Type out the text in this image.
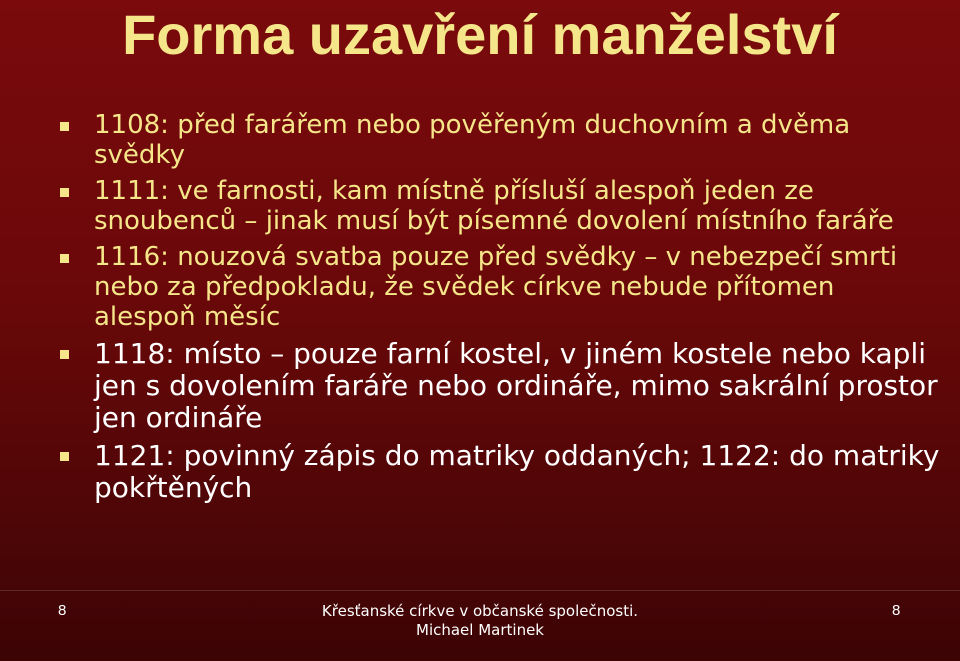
Forma uzavření manželství
1108: před farářem nebo pověřeným duchovním a dvěma svědky
1111: ve farnosti, kam místně přísluší alespoň jeden ze snoubenců – jinak musí být písemné dovolení místního faráře
1116: nouzová svatba pouze před svědky – v nebezpečí smrti nebo za předpokladu, že svědek církve nebude přítomen alespoň měsíc
1118: místo – pouze farní kostel, v jiném kostele nebo kapli jen s dovolením faráře nebo ordináře, mimo sakrální prostor jen ordináře
1121: povinný zápis do matriky oddaných; 1122: do matriky pokřtěných
8	Křesťanské církve v občanské společnosti.
Michael Martinek
8
